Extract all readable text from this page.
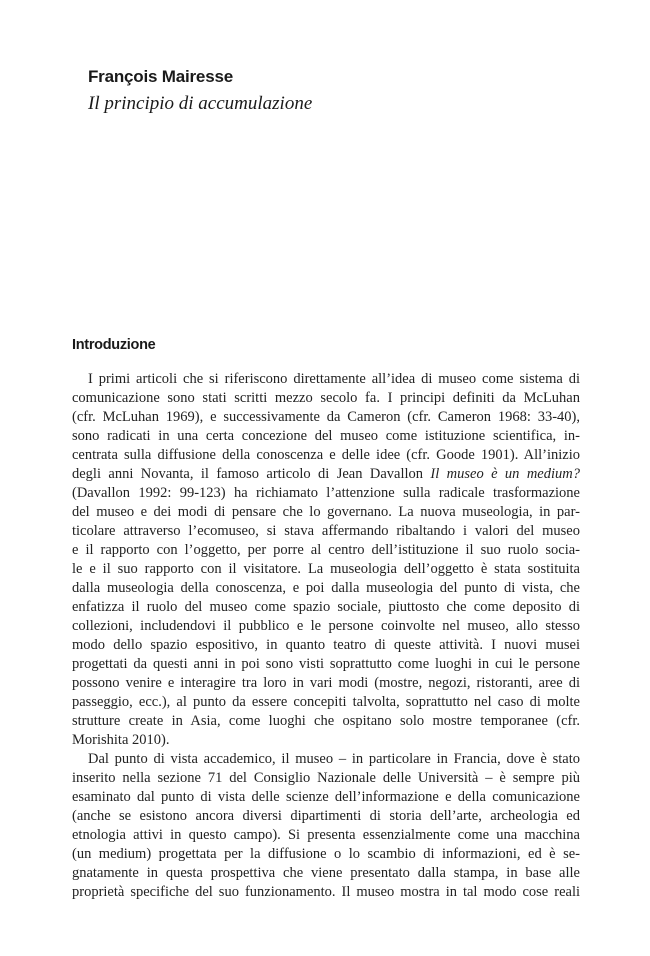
François Mairesse
Il principio di accumulazione
Introduzione
I primi articoli che si riferiscono direttamente all’idea di museo come sistema di
comunicazione sono stati scritti mezzo secolo fa. I principi definiti da McLuhan
(cfr. McLuhan 1969), e successivamente da Cameron (cfr. Cameron 1968: 33-40),
sono radicati in una certa concezione del museo come istituzione scientifica, in-
centrata sulla diffusione della conoscenza e delle idee (cfr. Goode 1901). All’inizio
degli anni Novanta, il famoso articolo di Jean Davallon Il museo è un medium?
(Davallon 1992: 99-123) ha richiamato l’attenzione sulla radicale trasformazione
del museo e dei modi di pensare che lo governano. La nuova museologia, in par-
ticolare attraverso l’ecomuseo, si stava affermando ribaltando i valori del museo
e il rapporto con l’oggetto, per porre al centro dell’istituzione il suo ruolo socia-
le e il suo rapporto con il visitatore. La museologia dell’oggetto è stata sostituita
dalla museologia della conoscenza, e poi dalla museologia del punto di vista, che
enfatizza il ruolo del museo come spazio sociale, piuttosto che come deposito di
collezioni, includendovi il pubblico e le persone coinvolte nel museo, allo stesso
modo dello spazio espositivo, in quanto teatro di queste attività. I nuovi musei
progettati da questi anni in poi sono visti soprattutto come luoghi in cui le persone
possono venire e interagire tra loro in vari modi (mostre, negozi, ristoranti, aree di
passeggio, ecc.), al punto da essere concepiti talvolta, soprattutto nel caso di molte
strutture create in Asia, come luoghi che ospitano solo mostre temporanee (cfr.
Morishita 2010).
Dal punto di vista accademico, il museo – in particolare in Francia, dove è stato
inserito nella sezione 71 del Consiglio Nazionale delle Università – è sempre più
esaminato dal punto di vista delle scienze dell’informazione e della comunicazione
(anche se esistono ancora diversi dipartimenti di storia dell’arte, archeologia ed
etnologia attivi in questo campo). Si presenta essenzialmente come una macchina
(un medium) progettata per la diffusione o lo scambio di informazioni, ed è se-
gnatamente in questa prospettiva che viene presentato dalla stampa, in base alle
proprietà specifiche del suo funzionamento. Il museo mostra in tal modo cose reali
